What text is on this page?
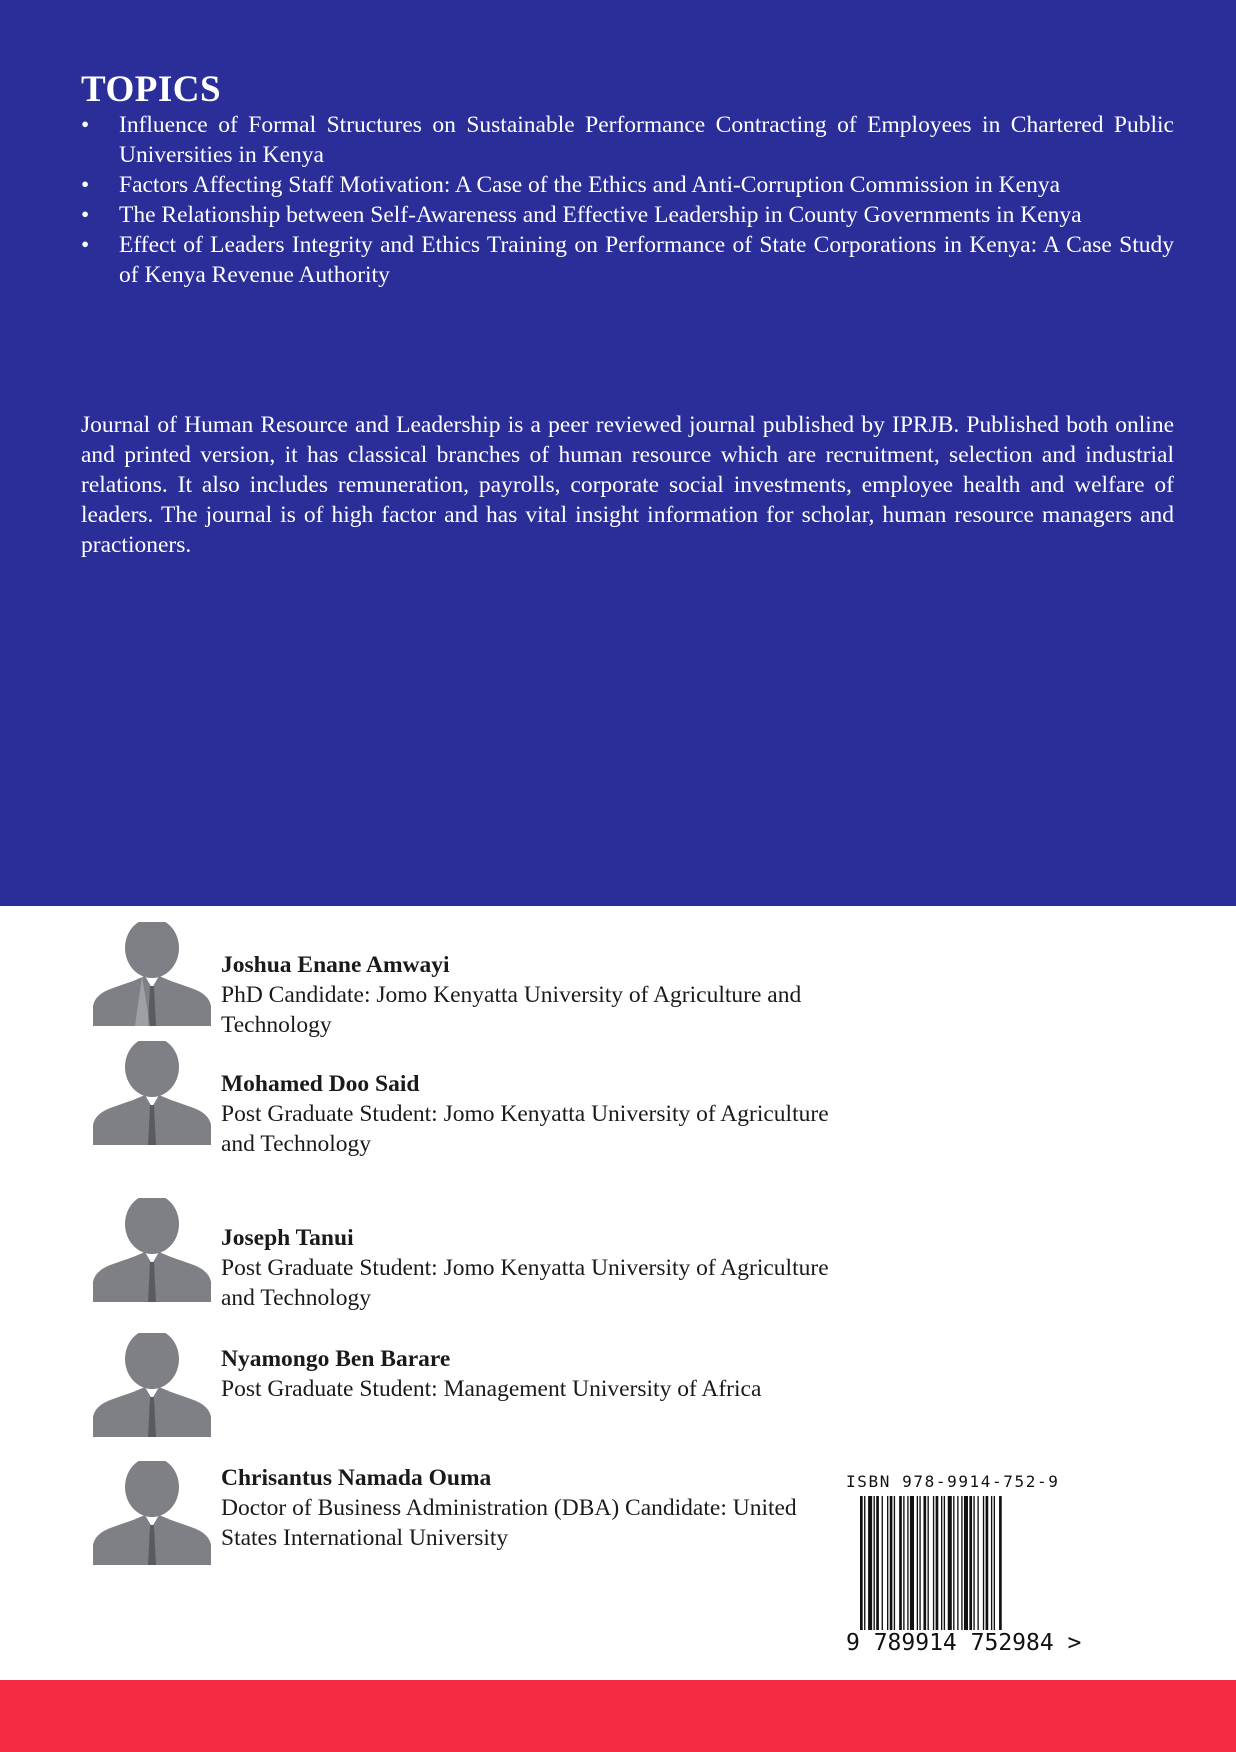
TOPICS
• Influence of Formal Structures on Sustainable Performance Contracting of Employees in Chartered Public Universities in Kenya
• Factors Affecting Staff Motivation: A Case of the Ethics and Anti-Corruption Commission in Kenya
• The Relationship between Self-Awareness and Effective Leadership in County Governments in Kenya
• Effect of Leaders Integrity and Ethics Training on Performance of State Corporations in Kenya: A Case Study of Kenya Revenue Authority

Journal of Human Resource and Leadership is a peer reviewed journal published by IPRJB. Published both online and printed version, it has classical branches of human resource which are recruitment, selection and industrial relations. It also includes remuneration, payrolls, corporate social investments, employee health and welfare of leaders. The journal is of high factor and has vital insight information for scholar, human resource managers and practioners.

Joshua Enane Amwayi
PhD Candidate: Jomo Kenyatta University of Agriculture and Technology
Mohamed Doo Said
Post Graduate Student: Jomo Kenyatta University of Agriculture and Technology
Joseph Tanui
Post Graduate Student: Jomo Kenyatta University of Agriculture and Technology
Nyamongo Ben Barare
Post Graduate Student: Management University of Africa
Chrisantus Namada Ouma
Doctor of Business Administration (DBA) Candidate: United States International University
ISBN 978-9914-752-9
9 789914 752984 >
